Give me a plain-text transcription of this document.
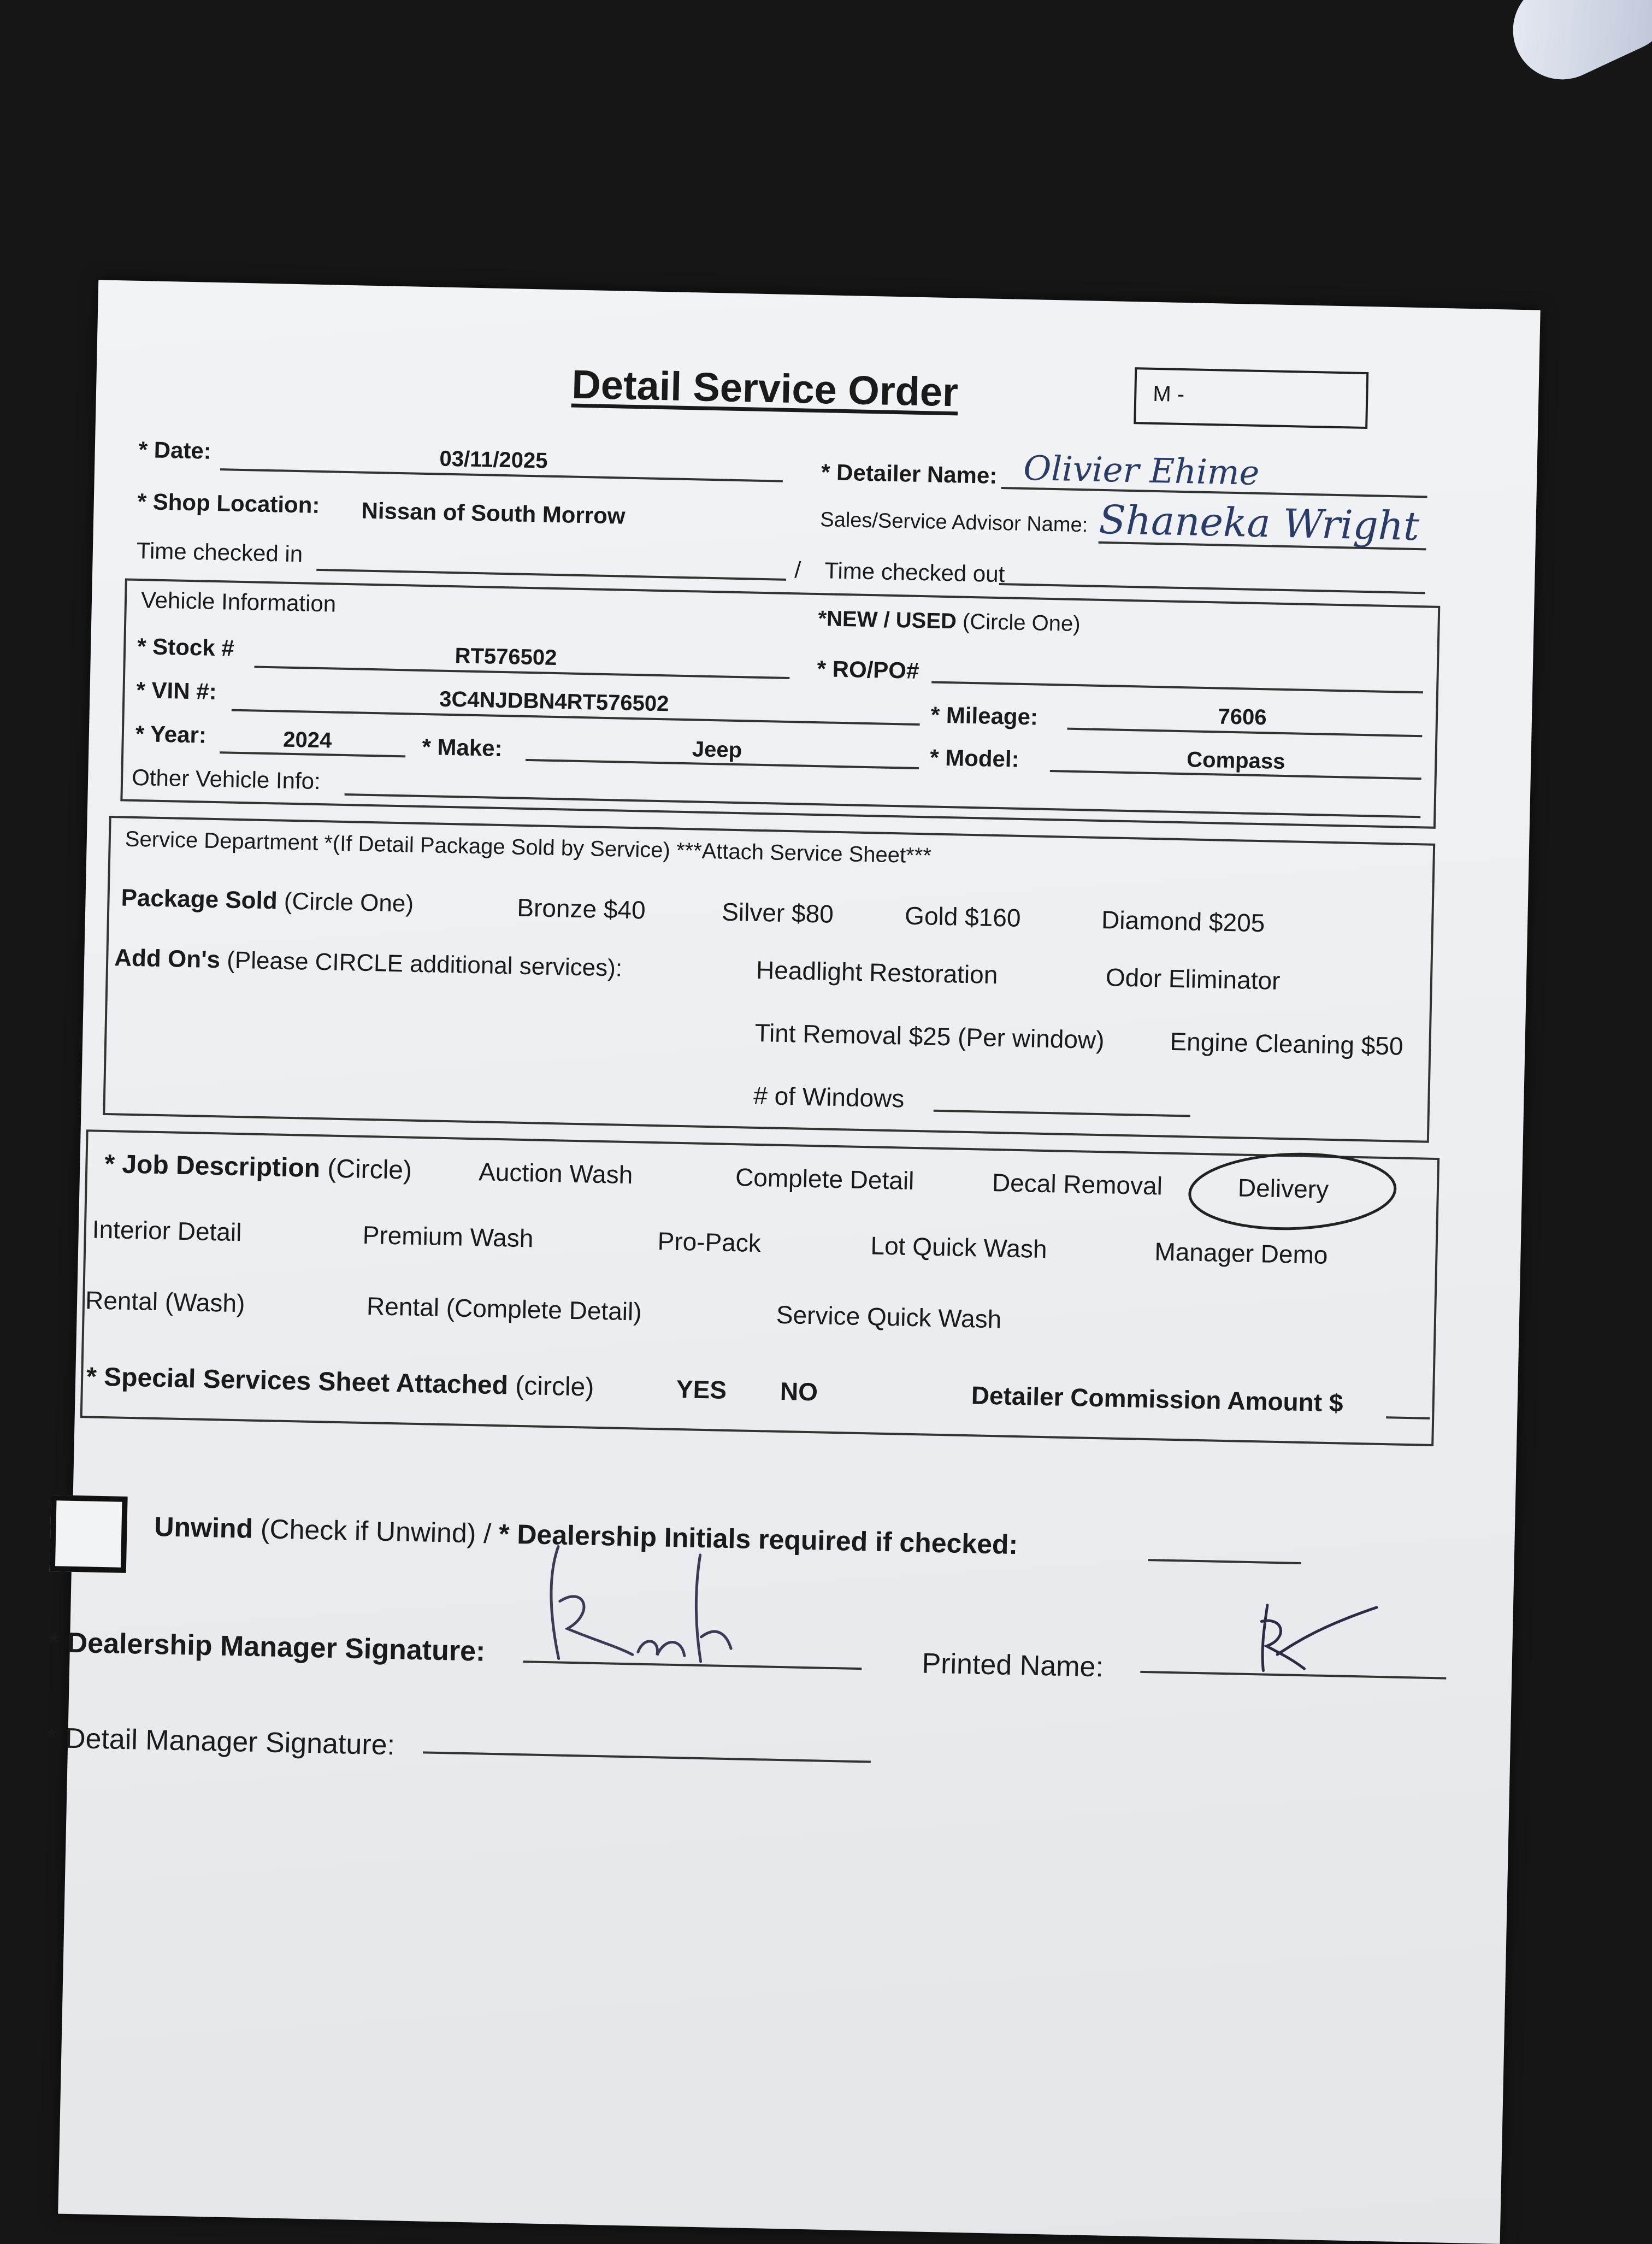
Detail Service Order	M -
* Date:	03/11/2025	* Detailer Name: Olivier Ehime
* Shop Location: Nissan of South Morrow	Sales/Service Advisor Name: Shaneka Wright
Time checked in
/ Time checked out
Vehicle Information
*NEW / USED (Circle One)
* Stock #	RT576502	* RO/PO#
* VIN #:	3C4NJDBN4RT576502	* Mileage:	7606
* Year:	2024	* Make:	Jeep	* Model:	Compass
Other Vehicle Info:
Service Department *(If Detail Package Sold by Service) ***Attach Service Sheet***
Package Sold (Circle One)	Bronze $40	Silver $80	Gold $160	Diamond $205
Add On's (Please CIRCLE additional services):	Headlight Restoration	Odor Eliminator
Tint Removal $25 (Per window)	Engine Cleaning $50
# of Windows
* Job Description (Circle)	Auction Wash	Complete Detail	Decal Removal	Delivery
Interior Detail	Premium Wash	Pro-Pack	Lot Quick Wash	Manager Demo
Rental (Wash)	Rental (Complete Detail)	Service Quick Wash
* Special Services Sheet Attached (circle)	YES NO	Detailer Commission Amount $
Unwind (Check if Unwind) / * Dealership Initials required if checked:
* Dealership Manager Signature:	Printed Name:
* Detail Manager Signature:
